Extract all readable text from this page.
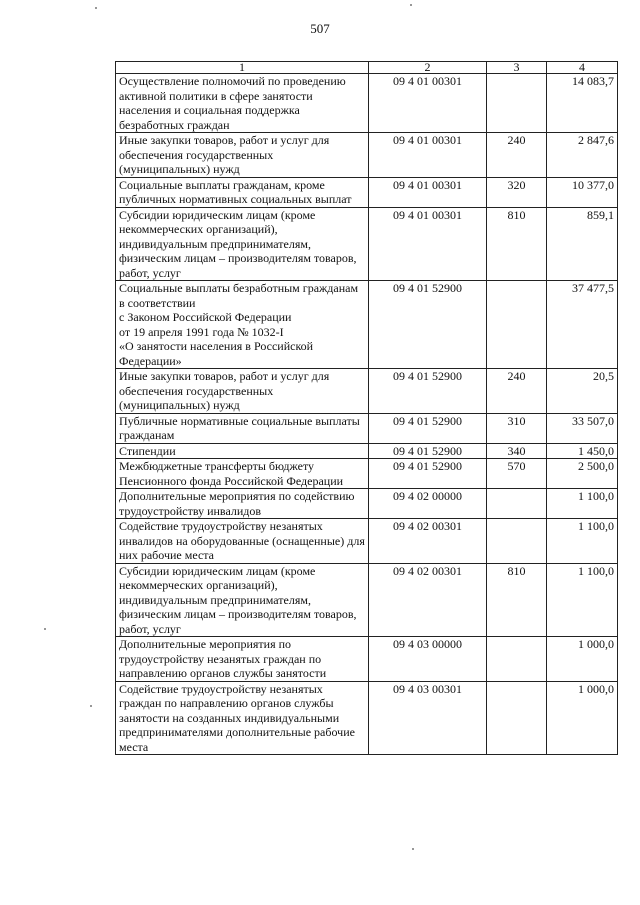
507
1	2	3	4
Осуществление полномочий по проведению активной политики в сфере занятости населения и социальная поддержка безработных граждан	09 4 01 00301		14 083,7
Иные закупки товаров, работ и услуг для обеспечения государственных (муниципальных) нужд	09 4 01 00301	240	2 847,6
Социальные выплаты гражданам, кроме публичных нормативных социальных выплат	09 4 01 00301	320	10 377,0
Субсидии юридическим лицам (кроме некоммерческих организаций), индивидуальным предпринимателям, физическим лицам – производителям товаров, работ, услуг	09 4 01 00301	810	859,1
Социальные выплаты безработным гражданам в соответствии
с Законом Российской Федерации
от 19 апреля 1991 года № 1032-I
«О занятости населения в Российской Федерации»	09 4 01 52900		37 477,5
Иные закупки товаров, работ и услуг для обеспечения государственных (муниципальных) нужд	09 4 01 52900	240	20,5
Публичные нормативные социальные выплаты гражданам	09 4 01 52900	310	33 507,0
Стипендии	09 4 01 52900	340	1 450,0
Межбюджетные трансферты бюджету Пенсионного фонда Российской Федерации	09 4 01 52900	570	2 500,0
Дополнительные мероприятия по содействию трудоустройству инвалидов	09 4 02 00000		1 100,0
Содействие трудоустройству незанятых инвалидов на оборудованные (оснащенные) для них рабочие места	09 4 02 00301		1 100,0
Субсидии юридическим лицам (кроме некоммерческих организаций), индивидуальным предпринимателям, физическим лицам – производителям товаров, работ, услуг	09 4 02 00301	810	1 100,0
Дополнительные мероприятия по трудоустройству незанятых граждан по направлению органов службы занятости	09 4 03 00000		1 000,0
Содействие трудоустройству незанятых граждан по направлению органов службы занятости на созданных индивидуальными предпринимателями дополнительные рабочие места	09 4 03 00301		1 000,0
